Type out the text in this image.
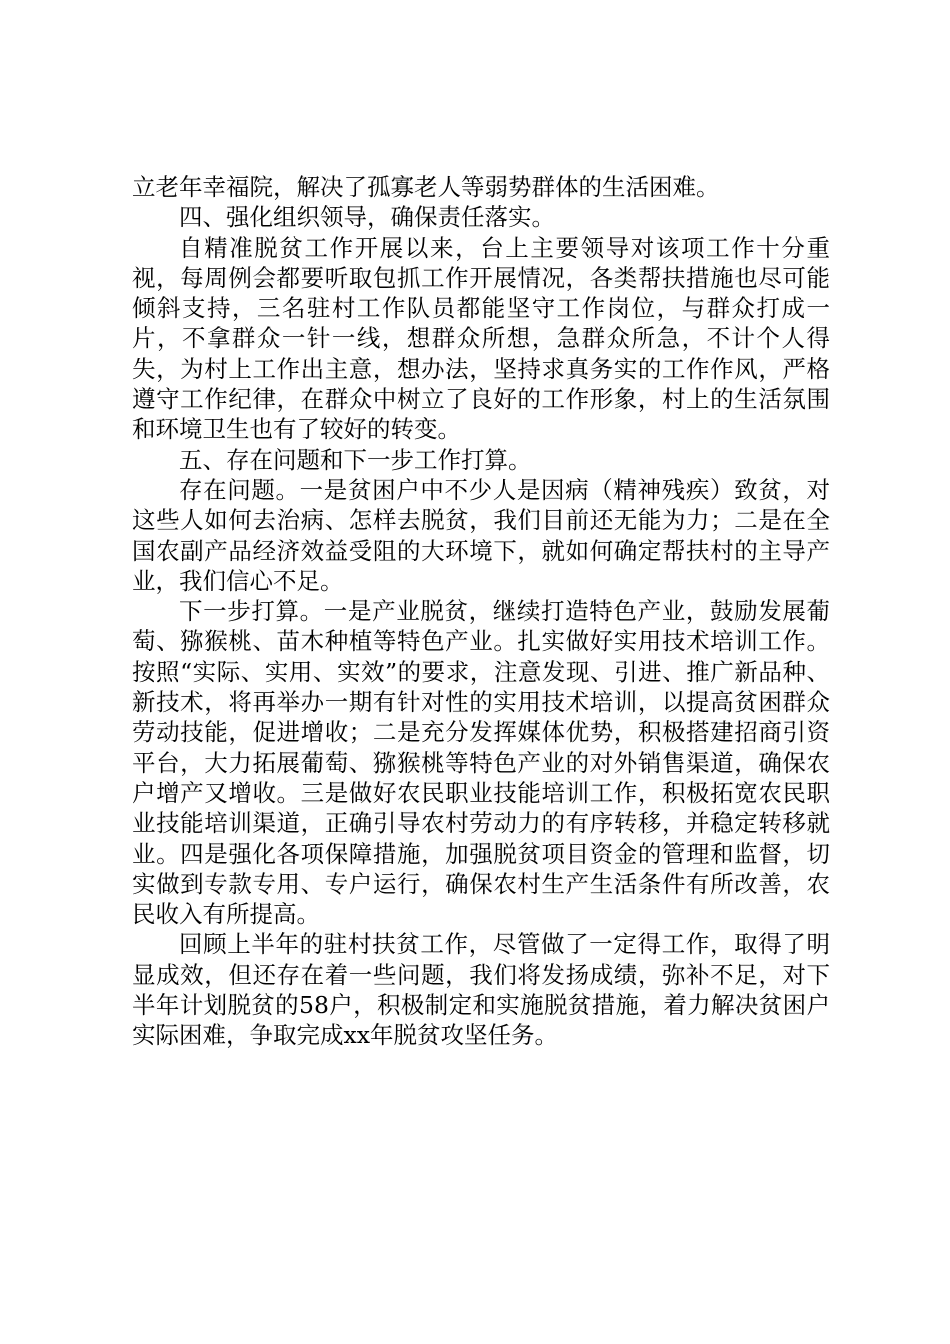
立老年幸福院，解决了孤寡老人等弱势群体的生活困难。

四、强化组织领导，确保责任落实。

自精准脱贫工作开展以来，台上主要领导对该项工作十分重视，每周例会都要听取包抓工作开展情况，各类帮扶措施也尽可能倾斜支持，三名驻村工作队员都能坚守工作岗位，与群众打成一片，不拿群众一针一线，想群众所想，急群众所急，不计个人得失，为村上工作出主意，想办法，坚持求真务实的工作作风，严格遵守工作纪律，在群众中树立了良好的工作形象，村上的生活氛围和环境卫生也有了较好的转变。

五、存在问题和下一步工作打算。

存在问题。一是贫困户中不少人是因病（精神残疾）致贫，对这些人如何去治病、怎样去脱贫，我们目前还无能为力；二是在全国农副产品经济效益受阻的大环境下，就如何确定帮扶村的主导产业，我们信心不足。

下一步打算。一是产业脱贫，继续打造特色产业，鼓励发展葡萄、猕猴桃、苗木种植等特色产业。扎实做好实用技术培训工作。按照“实际、实用、实效”的要求，注意发现、引进、推广新品种、新技术，将再举办一期有针对性的实用技术培训，以提高贫困群众劳动技能，促进增收；二是充分发挥媒体优势，积极搭建招商引资平台，大力拓展葡萄、猕猴桃等特色产业的对外销售渠道，确保农户增产又增收。三是做好农民职业技能培训工作，积极拓宽农民职业技能培训渠道，正确引导农村劳动力的有序转移，并稳定转移就业。四是强化各项保障措施，加强脱贫项目资金的管理和监督，切实做到专款专用、专户运行，确保农村生产生活条件有所改善，农民收入有所提高。

回顾上半年的驻村扶贫工作，尽管做了一定得工作，取得了明显成效，但还存在着一些问题，我们将发扬成绩，弥补不足，对下半年计划脱贫的58户，积极制定和实施脱贫措施，着力解决贫困户实际困难，争取完成xx年脱贫攻坚任务。
